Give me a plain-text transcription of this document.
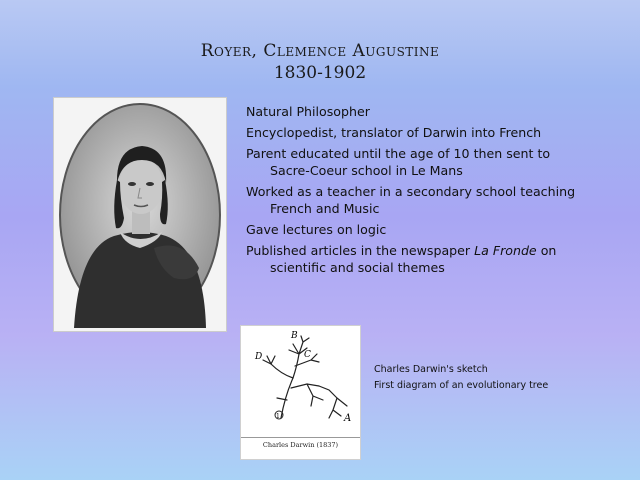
Royer, Clemence Augustine
1830-1902

Natural Philosopher

Encyclopedist, translator of Darwin into French

Parent educated until the age of 10 then sent to Sacre-Coeur school in Le Mans

Worked as a teacher in a secondary school teaching French and Music

Gave lectures on logic

Published articles in the newspaper La Fronde on scientific and social themes

1	A
B
C
D
Charles Darwin (1837)

Charles Darwin's sketch

First diagram of an evolutionary tree
